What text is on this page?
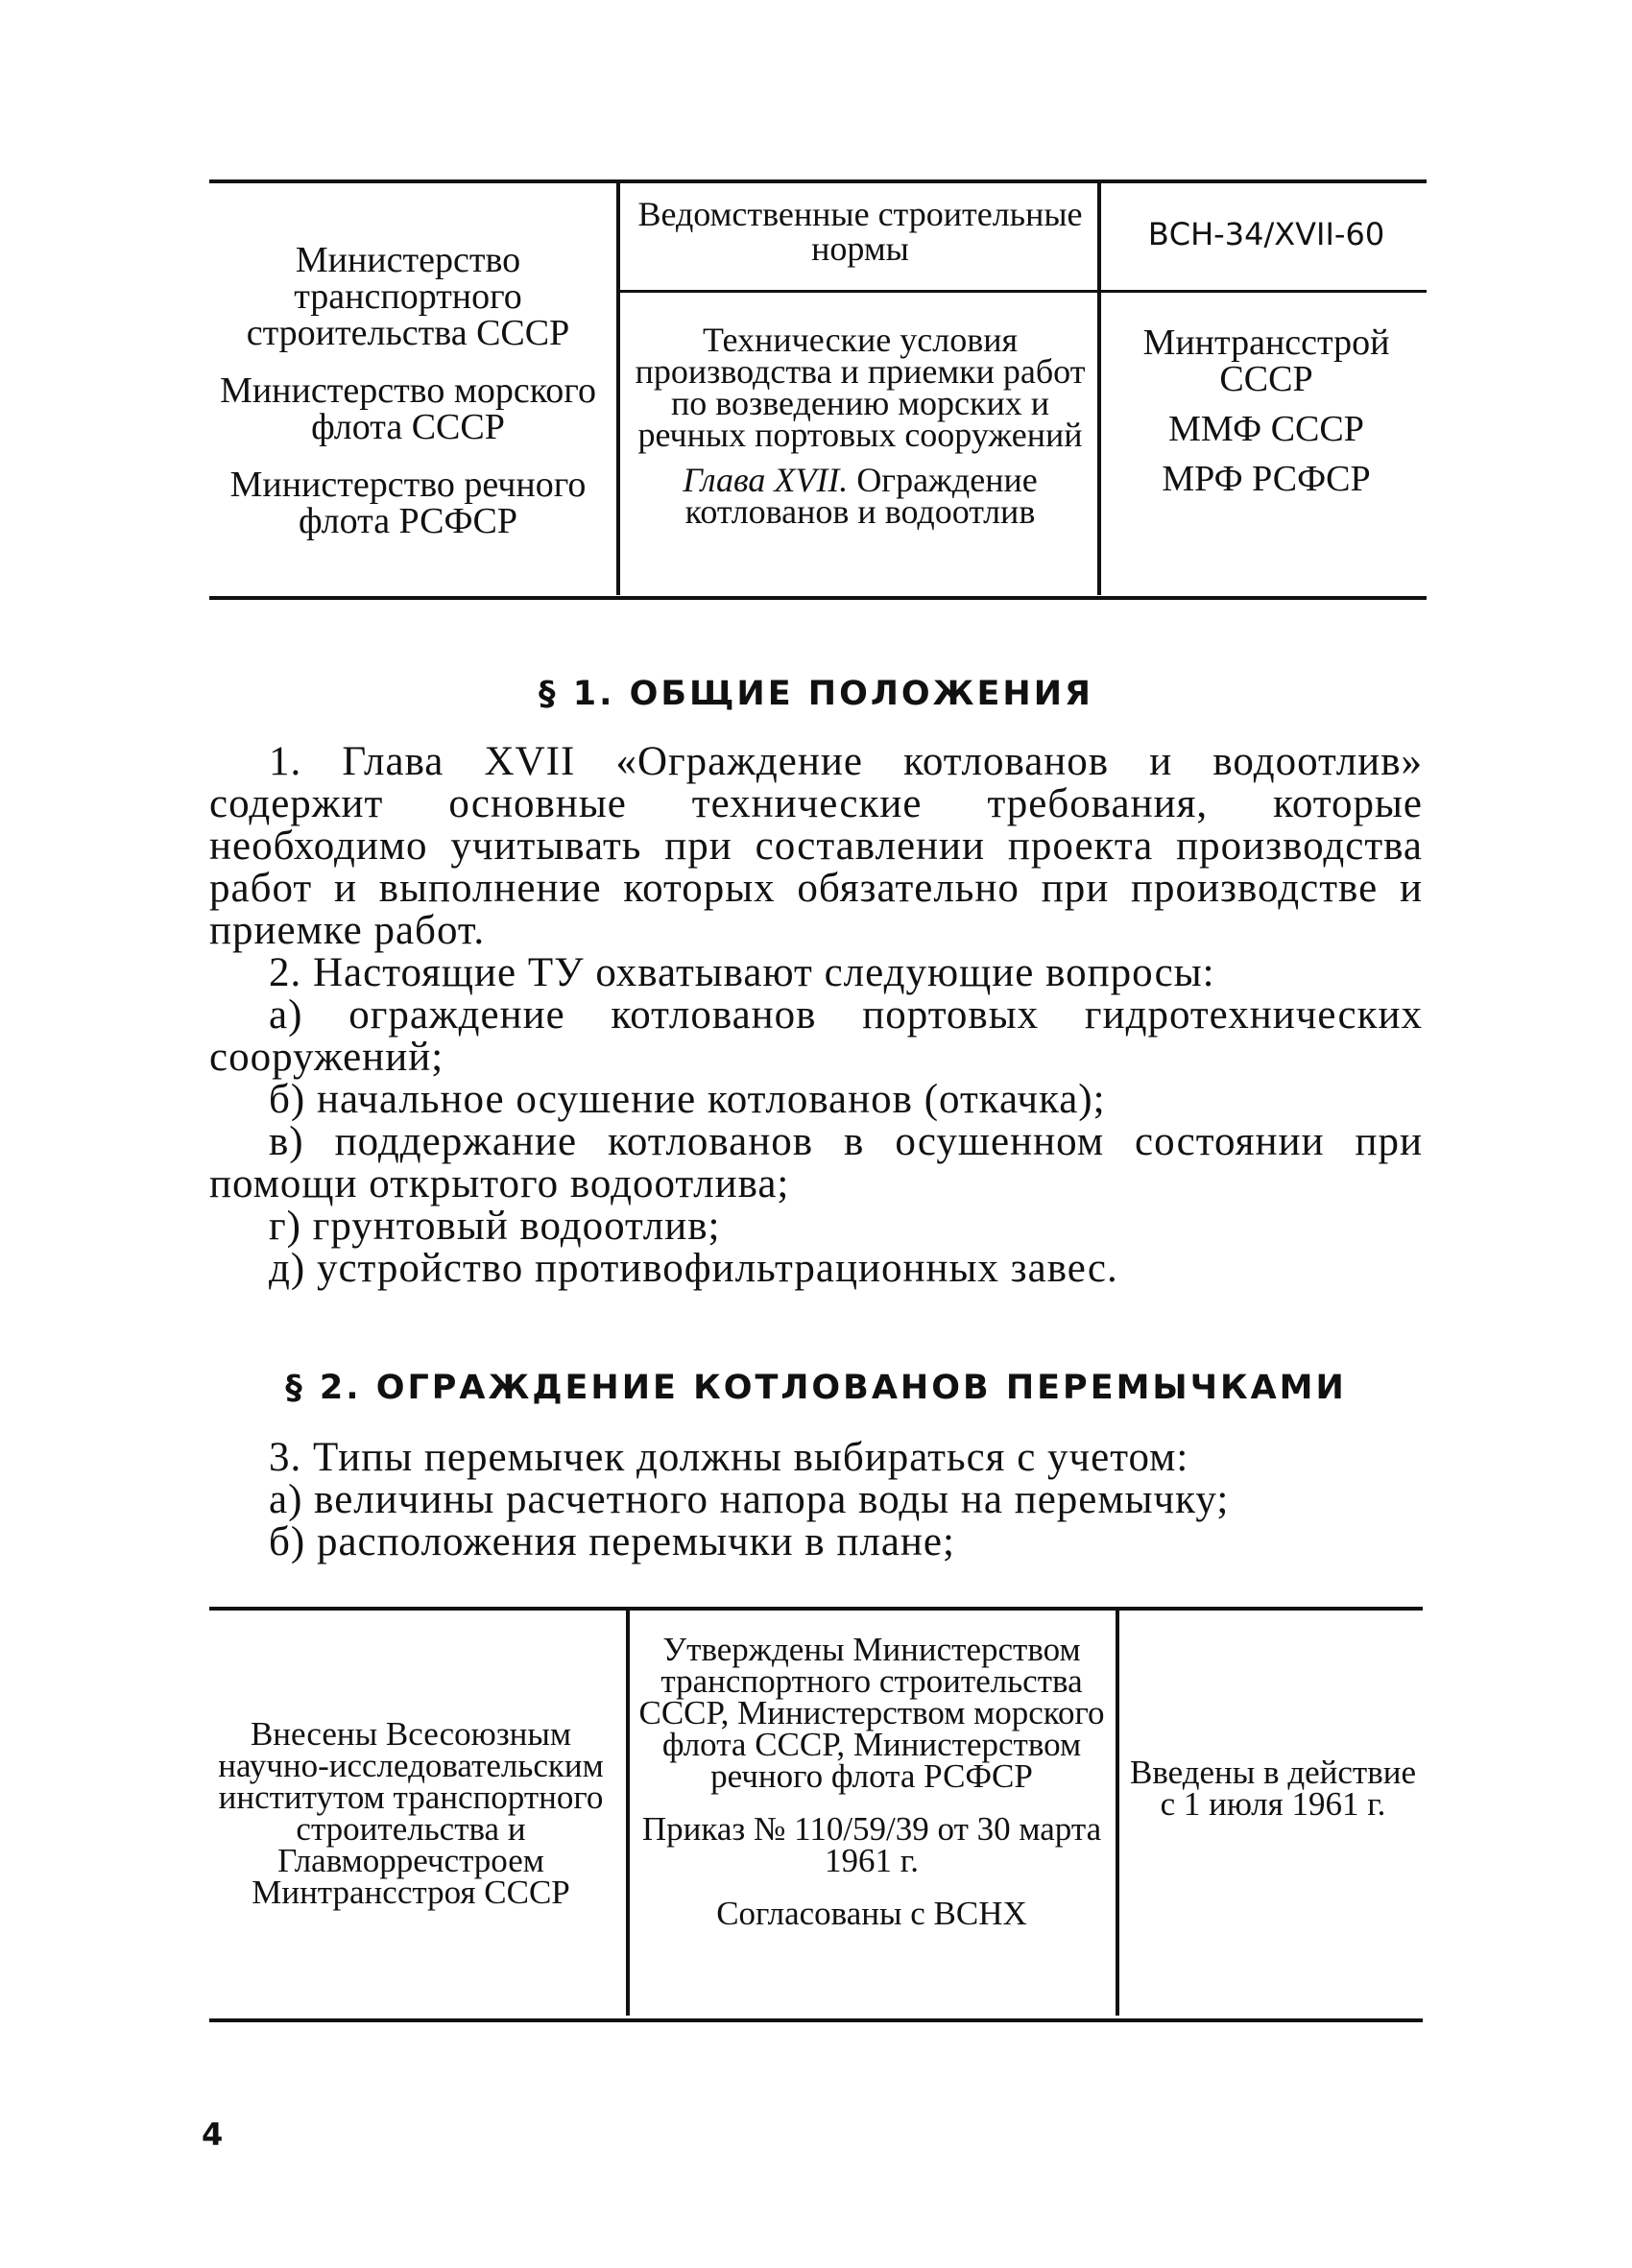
Министерство транспортного строительства СССР

Министерство морского флота СССР

Министерство речного флота РСФСР

Ведомственные строительные нормы

Технические условия производства и приемки работ по возведению морских и речных портовых сооружений

Глава XVII. Ограждение котлованов и водоотлив

ВСН-34/XVII-60

Минтрансстрой СССР

ММФ СССР

МРФ РСФСР

§ 1. ОБЩИЕ ПОЛОЖЕНИЯ

1. Глава XVII «Ограждение котлованов и водоотлив» содержит основные технические требования, которые необходимо учитывать при составлении проекта производства работ и выполнение которых обязательно при производстве и приемке работ.

2. Настоящие ТУ охватывают следующие вопросы:

а) ограждение котлованов портовых гидротехнических сооружений;

б) начальное осушение котлованов (откачка);

в) поддержание котлованов в осушенном состоянии при помощи открытого водоотлива;

г) грунтовый водоотлив;

д) устройство противофильтрационных завес.

§ 2. ОГРАЖДЕНИЕ КОТЛОВАНОВ ПЕРЕМЫЧКАМИ

3. Типы перемычек должны выбираться с учетом:

а) величины расчетного напора воды на перемычку;

б) расположения перемычки в плане;

Внесены Всесоюзным научно-исследовательским институтом транспортного строительства и Главморречстроем Минтрансстроя СССР

Утверждены Министерством транспортного строительства СССР, Министерством морского флота СССР, Министерством речного флота РСФСР

Приказ № 110/59/39 от 30 марта 1961 г.

Согласованы с ВСНХ

Введены в действие с 1 июля 1961 г.
4
